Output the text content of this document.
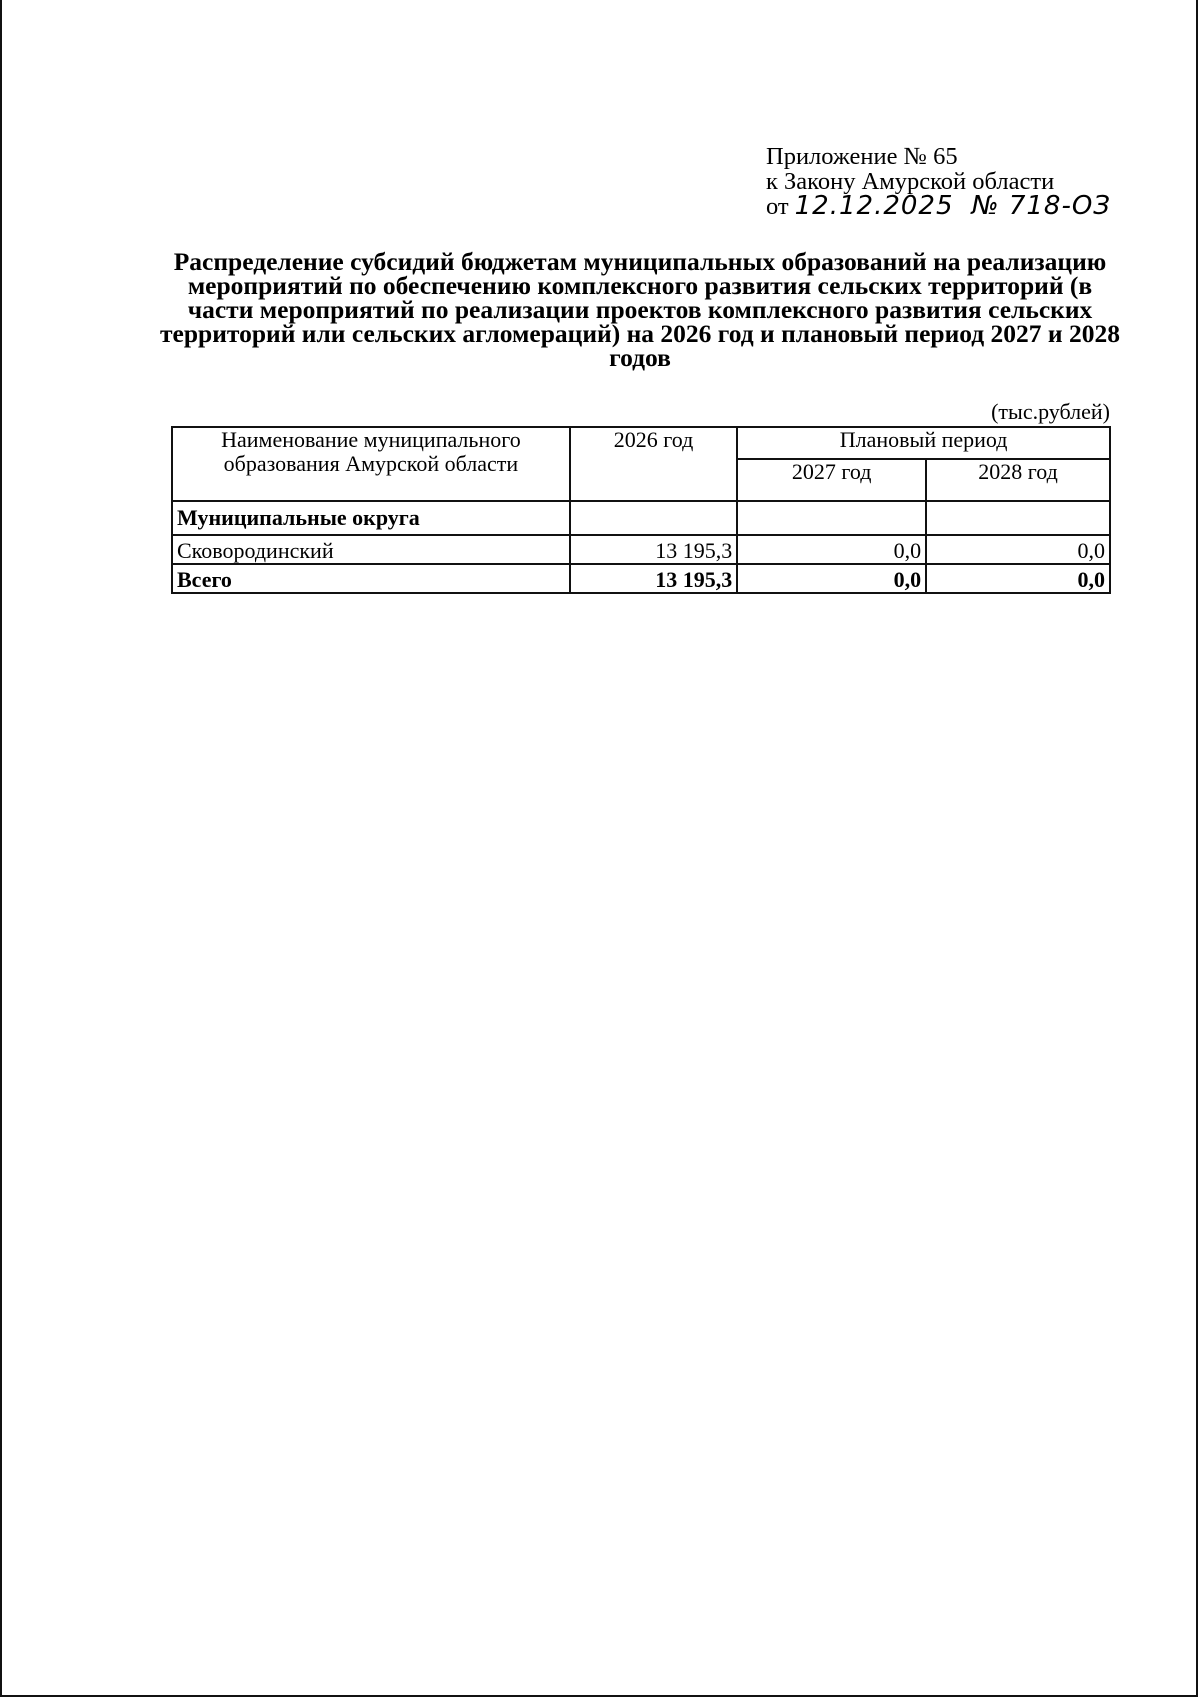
Приложение № 65
к Закону Амурской области
от 12.12.2025 № 718-ОЗ
Распределение субсидий бюджетам муниципальных образований на реализацию мероприятий по обеспечению комплексного развития сельских территорий (в части мероприятий по реализации проектов комплексного развития сельских территорий или сельских агломераций) на 2026 год и плановый период 2027 и 2028 годов
(тыс.рублей)
Наименование муниципального образования Амурской области	2026 год	Плановый период	
		2027 год	2028 год
Муниципальные округа			
Сковородинский	13 195,3	0,0	0,0
Всего	13 195,3	0,0	0,0
